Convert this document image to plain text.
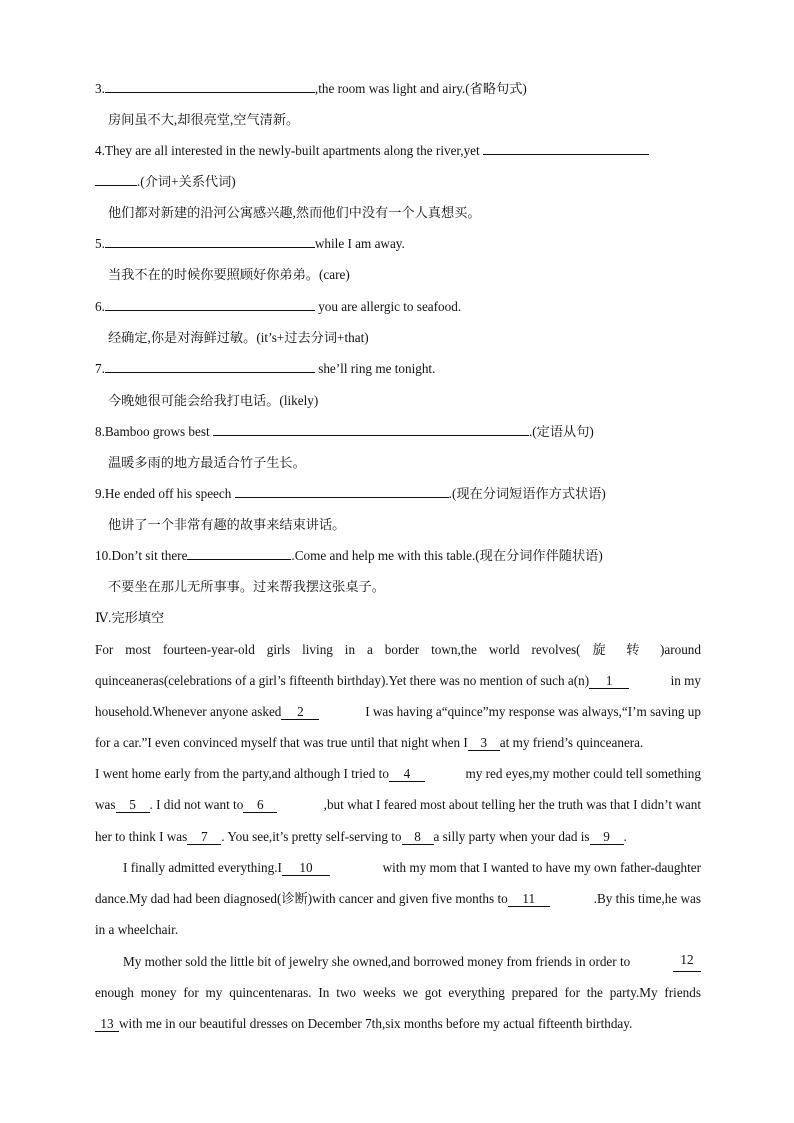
3.	,the room was light and airy.(省略句式)
房间虽不大,却很亮堂,空气清新。
4.They are all interested in the newly-built apartments along the river,yet
.(介词+关系代词)
他们都对新建的沿河公寓感兴趣,然而他们中没有一个人真想买。
5.	while I am away.
当我不在的时候你要照顾好你弟弟。(care)
6.	you are allergic to seafood.
经确定,你是对海鲜过敏。(it’s+过去分词+that)
7.	she’ll ring me tonight.
今晚她很可能会给我打电话。(likely)
8.Bamboo grows best	.(定语从句)
温暖多雨的地方最适合竹子生长。
9.He ended off his speech	.(现在分词短语作方式状语)
他讲了一个非常有趣的故事来结束讲话。
10.Don’t sit there	.Come and help me with this table.(现在分词作伴随状语)
不要坐在那儿无所事事。过来帮我摆这张桌子。
Ⅳ.完形填空
For most fourteen-year-old girls living in a border town,the world revolves( 旋 转 )around
quinceaneras(celebrations of a girl’s fifteenth birthday).Yet there was no mention of such a(n) 1	in my
household.Whenever anyone asked 2	I was having a“quince”my response was always,“I’m saving up
for a car.”I even convinced myself that was true until that night when I 3 at my friend’s quinceanera.
I went home early from the party,and although I tried to 4	my red eyes,my mother could tell something
was 5 . I did not want to 6	,but what I feared most about telling her the truth was that I didn’t want
her to think I was 7 . You see,it’s pretty self-serving to 8 a silly party when your dad is 9 .
I finally admitted everything.I 10	with my mom that I wanted to have my own father-daughter
dance.My dad had been diagnosed(诊断)with cancer and given five months to 11	.By this time,he was
in a wheelchair.
My mother sold the little bit of jewelry she owned,and borrowed money from friends in order to	12
enough money for my quincentenaras. In two weeks we got everything prepared for the party.My friends
13 with me in our beautiful dresses on December 7th,six months before my actual fifteenth birthday.
